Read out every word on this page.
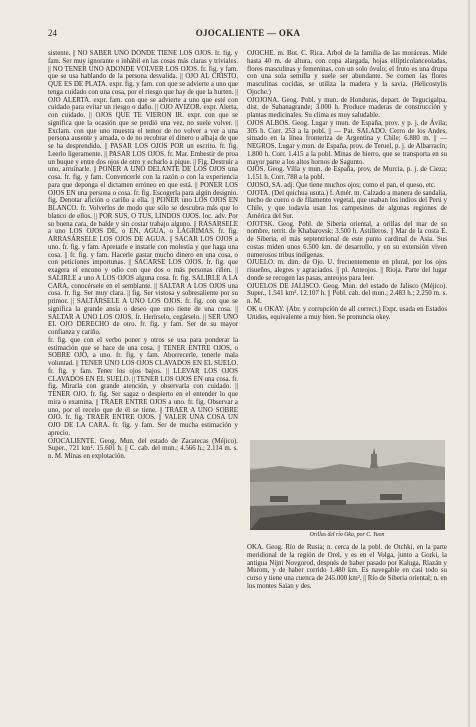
24	OJOCALIENTE — OKA

sistente. || NO SABER UNO DÓNDE TIENE LOS OJOS. fr. fig. y fam. Ser muy ignorante o inhábil en las cosas más claras y triviales. || NO TENER UNO ADONDE VOLVER LOS OJOS. fr. fig. y fam. que se usa hablando de la persona desvalida. || OJO AL CRISTO, QUE ES DE PLATA. expr. fig. y fam. con que se advierte a uno que tenga cuidado con una cosa, por el riesgo que hay de que la hurten. || OJO ALERTA. expr. fam. con que se advierte a uno que esté con cuidado para evitar un riesgo o daño. || OJO AVIZOR. expr. Alerta, con cuidado. || OJOS QUE TE VIERON IR. expr. con que se significa que la ocasión que se perdió una vez, no suele volver. || Exclam. con que uno muestra el temor de no volver a ver a una persona ausente y amada, o de no recobrar el dinero o alhaja de que se ha desprendido. || PASAR LOS OJOS POR un escrito. fr. fig. Leerlo ligeramente. || PASAR LOS OJOS. fr. Mar. Embestir de proa un buque y entre dos ojos de otro y echarlo a pique. || Fig. Destruir a uno, arruinarle. || PONER A UNO DELANTE DE LOS OJOS una cosa. fr. fig. y fam. Convencerle con la razón o con la experiencia para que deponga el dictamen erróneo en que está. || PONER LOS OJOS EN una persona o cosa. fr. fig. Escogerla para algún designio. fig. Denotar afición o cariño a ella. || PONER uno LOS OJOS EN BLANCO. fr. Volverlos de modo que sólo se descubra más que lo blanco de ellos. || POR SUS, O TUS, LINDOS OJOS. loc. adv. Por su buena cara, de balde y sin costar trabajo alguno. || RASARSELE a uno LOS OJOS DE, o EN, AGUA, o LÁGRIMAS. fr. fig. ARRASÁRSELE LOS OJOS DE AGUA. || SACAR LOS OJOS a uno. fr. fig. y fam. Apretarle e instarle con molestia y que haga una cosa. || fr. fig. y fam. Hacerle gastar mucho dinero en una cosa, o con peticiones importunas. || SACARSE LOS OJOS. fr. fig. que exagera el encono y odio con que dos o más personas riñen. || SALIRLE a uno A LOS OJOS alguna cosa. fr. fig. SALIRLE A LA CARA, conocérsele en el semblante. || SALTAR A LOS OJOS una cosa. fr. fig. Ser muy clara. || fig. Ser vistosa y sobresaliente por su primor. || SALTÁRSELE A UNO LOS OJOS. fr. fig. con que se significa la grande ansia o deseo que uno tiene de una cosa. || SALTAR A UNO LOS OJOS. fr. Herírselo, cegárselo. || SER UNO EL OJO DERECHO de otro. fr. fig. y fam. Ser de su mayor confianza y cariño.

fr. fig. que con el verbo poner y otros se usa para ponderar la estimación que se hace de una cosa. || TENER ENTRE OJOS, o SOBRE OJO, a uno. fr. fig. y fam. Aborrecerle, tenerle mala voluntad. || TENER UNO LOS OJOS CLAVADOS EN EL SUELO. fr. fig. y fam. Tener los ojos bajos. || LLEVAR LOS OJOS CLAVADOS EN EL SUELO. || TENER LOS OJOS EN una cosa. fr. fig. Mirarla con grande atención, y observarla con cuidado. || TENER OJO. fr. fig. Ser sagaz o despierto en el entender lo que mira o examina. || TRAER ENTRE OJOS a uno. fr. fig. Observar a uno, por el recelo que de él se tiene. || TRAER A UNO SOBRE OJO. fr. fig. TRAER ENTRE OJOS. || VALER UNA COSA UN OJO DE LA CARA. fr. fig. y fam. Ser de mucha estimación y aprecio.

OJOCALIENTE. Geog. Mun. del estado de Zacatecas (Méjico). Super., 721 km². 15.601 h. || C. cab. del mun.; 4.566 h.; 2.114 m. s. n. M. Minas en explotación.

OJOCHE. m. Bot. C. Rica. Árbol de la familia de las moráceas. Mide hasta 40 m. de altura, con copa alargada, hojas ellipticolanceoladas, flores masculinas y femeninas, con un solo óvulo; el fruto es una drupa con una sola semilla y suele ser abundante. Se comen las flores masculinas cocidas, se utiliza la madera y la savia. (Helicostylis Ojoche.)

OJOJONA. Geog. Pobl. y mun. de Honduras, depart. de Tegucigalpa, dist. de Sabanagrande; 3.000 h. Produce maderas de construcción y plantas medicinales. Su clima es muy saludable.

OJOS ALBOS. Geog. Lugar y mun. de España, prov. y p. j. de Ávila; 305 h. Corr. 253 a la pobl. || — Pat. SALADO. Cerro de los Andes, situado en la línea fronteriza de Argentina y Chile; 6.880 m. || — NEGROS. Lugar y mun. de España, prov. de Teruel, p. j. de Albarracín; 1.800 h. Corr. 1.415 a la pobl. Minas de hierro, que se transporta en su mayor parte a los altos hornos de Sagunto.

OJÓS. Geog. Villa y mun. de España, prov. de Murcia, p. j. de Cieza; 1.151 h. Corr. 788 a la pobl.

OJOSO, SA. adj. Que tiene muchos ojos; como el pan, el queso, etc.

OJOTA. (Del quichua usuta.) f. Amér. m. Calzado a manera de sandalia, hecho de cuero o de filamento vegetal, que usaban los indios del Perú y Chile, y que todavía usan los campesinos de algunas regiones de América del Sur.

OJOTSK. Geog. Pobl. de Siberia oriental, a orillas del mar de su nombre, territ. de Khabarovsk; 3.500 h. Astilleros. || Mar de la costa E. de Siberia, el más septentrional de este punto cardinal de Asia. Sus costas miden unos 6.500 km. de desarrollo, y en su extensión viven numerosos tribus indígenas.

OJUELO. m. dim. de Ojo. U. frecuentemente en plural, por los ojos risueños, alegres y agraciados. || pl. Anteojos. || Rioja. Parte del lugar donde se recogen las pasas, anteojos para leer.

OJUELOS DE JALISCO. Geog. Mun. del estado de Jalisco (Méjico). Super., 1.541 km². 12.107 h. || Pobl. cab. del mun.; 2.483 h.; 2.250 m. s. n. M.

OK u OKAY. (Abr. y corrupción de all correct.) Expr. usada en Estados Unidos, equivalente a muy bien. Se pronuncia okey.

Orillas del río Oka, por C. Yuon

OKA. Geog. Río de Rusia; n. cerca de la pobl. de Otchki, en la parte meridional de la región de Orel, y es en el Volga, junto a Gorki, la antigua Nijni Novgorod, después de haber pasado por Kaluga, Ríazán y Murom, y de haber corrido 1.480 km. Es navegable en casi todo su curso y tiene una cuenca de 245.000 km². || Río de Siberia oriental; n. en los montes Saian y des.
